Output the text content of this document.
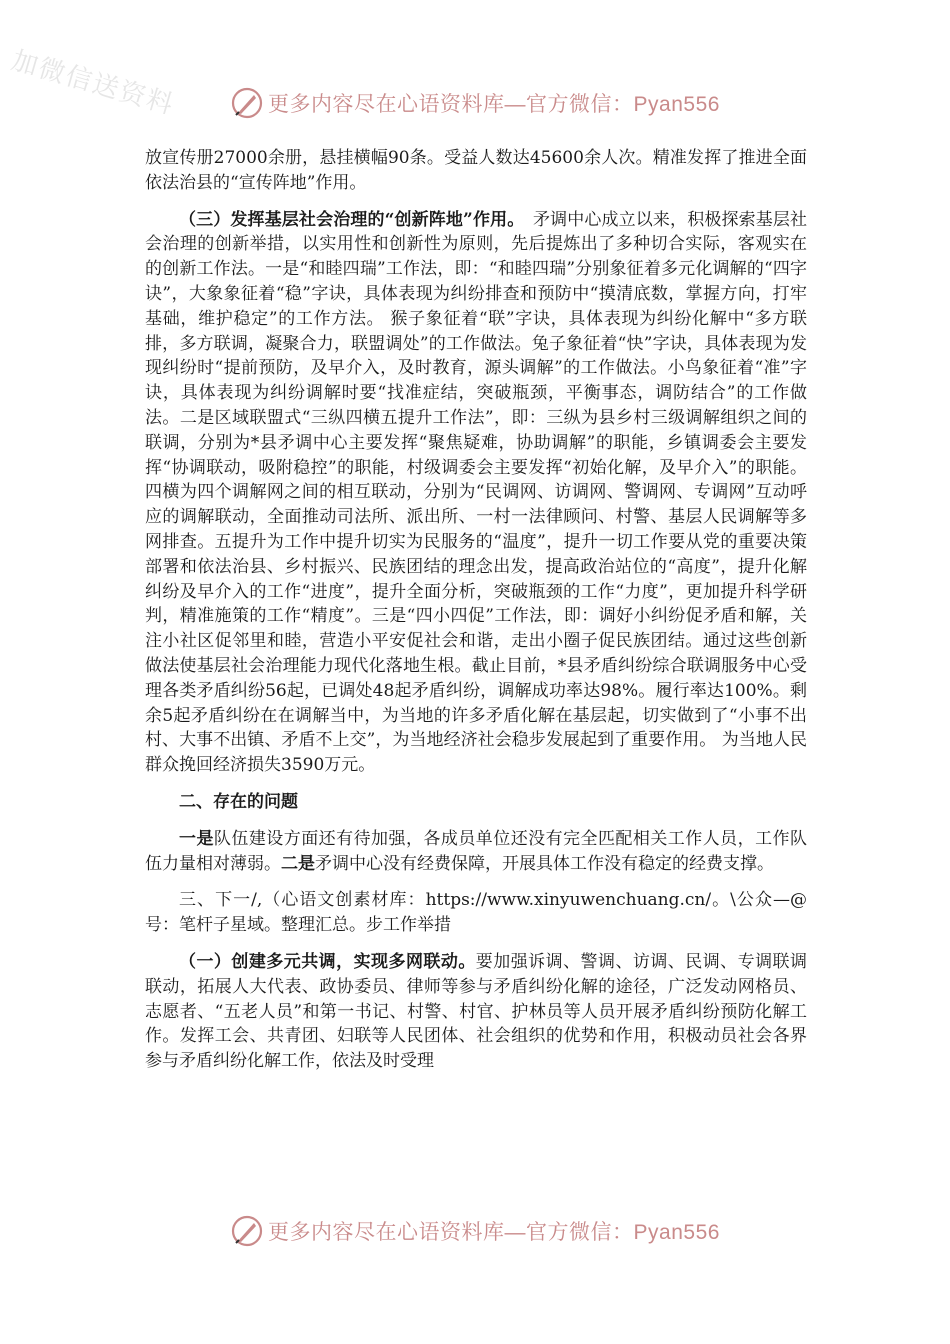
加微信送资料	更多内容尽在心语资料库—官方微信：Pyan556

放宣传册27000余册，悬挂横幅90条。受益人数达45600余人次。精准发挥了推进全面依法治县的“宣传阵地”作用。

（三）发挥基层社会治理的“创新阵地”作用。　矛调中心成立以来，积极探索基层社会治理的创新举措，以实用性和创新性为原则，先后提炼出了多种切合实际，客观实在的创新工作法。一是“和睦四瑞”工作法，即：“和睦四瑞”分别象征着多元化调解的“四字诀”，大象象征着“稳”字诀，具体表现为纠纷排查和预防中“摸清底数，掌握方向，打牢基础，维护稳定”的工作方法。 猴子象征着“联”字诀，具体表现为纠纷化解中“多方联排，多方联调，凝聚合力，联盟调处”的工作做法。兔子象征着“快”字诀，具体表现为发现纠纷时“提前预防，及早介入，及时教育，源头调解”的工作做法。小鸟象征着“准”字诀，具体表现为纠纷调解时要“找准症结，突破瓶颈，平衡事态，调防结合”的工作做法。二是区域联盟式“三纵四横五提升工作法”，即：三纵为县乡村三级调解组织之间的联调，分别为*县矛调中心主要发挥“聚焦疑难，协助调解”的职能，乡镇调委会主要发挥“协调联动，吸附稳控”的职能，村级调委会主要发挥“初始化解，及早介入”的职能。四横为四个调解网之间的相互联动，分别为“民调网、访调网、警调网、专调网”互动呼应的调解联动，全面推动司法所、派出所、一村一法律顾问、村警、基层人民调解等多网排查。五提升为工作中提升切实为民服务的“温度”，提升一切工作要从党的重要决策部署和依法治县、乡村振兴、民族团结的理念出发，提高政治站位的“高度”，提升化解纠纷及早介入的工作“进度”，提升全面分析，突破瓶颈的工作“力度”，更加提升科学研判，精准施策的工作“精度”。三是“四小四促”工作法，即：调好小纠纷促矛盾和解，关注小社区促邻里和睦，营造小平安促社会和谐，走出小圈子促民族团结。通过这些创新做法使基层社会治理能力现代化落地生根。截止目前，*县矛盾纠纷综合联调服务中心受理各类矛盾纠纷56起，已调处48起矛盾纠纷，调解成功率达98%。履行率达100%。剩余5起矛盾纠纷在在调解当中，为当地的许多矛盾化解在基层起，切实做到了“小事不出村、大事不出镇、矛盾不上交”，为当地经济社会稳步发展起到了重要作用。 为当地人民群众挽回经济损失3590万元。

二、存在的问题

一是队伍建设方面还有待加强，各成员单位还没有完全匹配相关工作人员，工作队伍力量相对薄弱。二是矛调中心没有经费保障，开展具体工作没有稳定的经费支撑。

三、下一/,（心语文创素材库：https://www.xinyuwenchuang.cn/。\公众—@号：笔杆子星域。整理汇总。步工作举措

（一）创建多元共调，实现多网联动。要加强诉调、警调、访调、民调、专调联调联动，拓展人大代表、政协委员、律师等参与矛盾纠纷化解的途径，广泛发动网格员、志愿者、“五老人员”和第一书记、村警、村官、护林员等人员开展矛盾纠纷预防化解工作。发挥工会、共青团、妇联等人民团体、社会组织的优势和作用，积极动员社会各界参与矛盾纠纷化解工作，依法及时受理

更多内容尽在心语资料库—官方微信：Pyan556
